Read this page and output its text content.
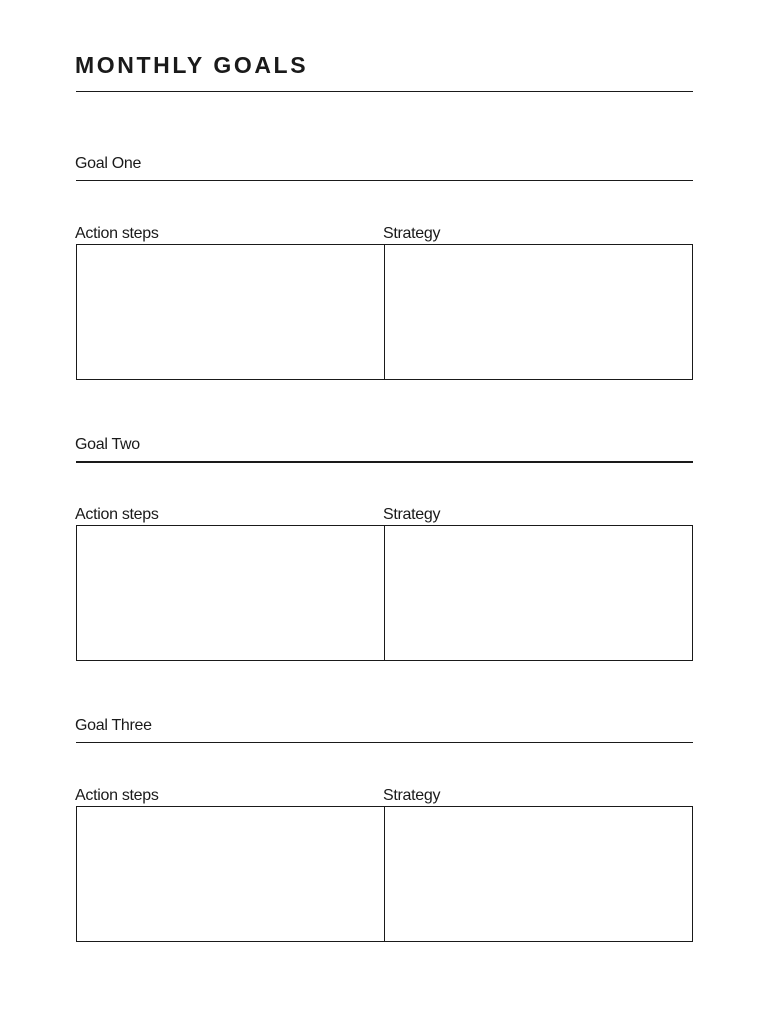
MONTHLY GOALS
Goal One
Action steps	Strategy
Goal Two
Action steps	Strategy
Goal Three
Action steps	Strategy
